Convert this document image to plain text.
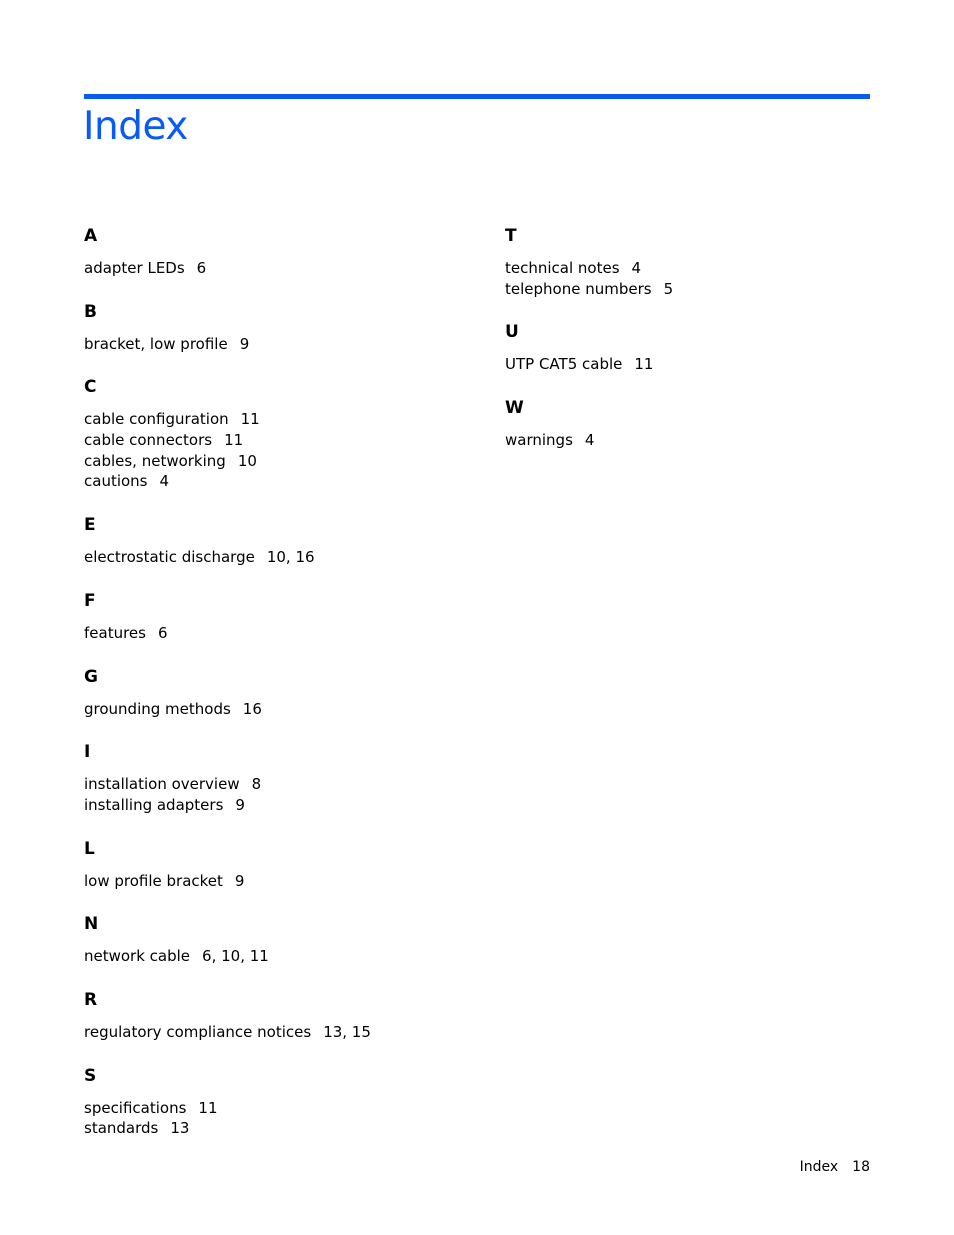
Index
A
adapter LEDs 6
B
bracket, low profile 9
C
cable configuration 11
cable connectors 11
cables, networking 10
cautions 4
E
electrostatic discharge 10, 16
F
features 6
G
grounding methods 16
I
installation overview 8
installing adapters 9
L
low profile bracket 9
N
network cable 6, 10, 11
R
regulatory compliance notices 13, 15
S
specifications 11
standards 13
T
technical notes 4
telephone numbers 5
U
UTP CAT5 cable 11
W
warnings 4
Index 18
